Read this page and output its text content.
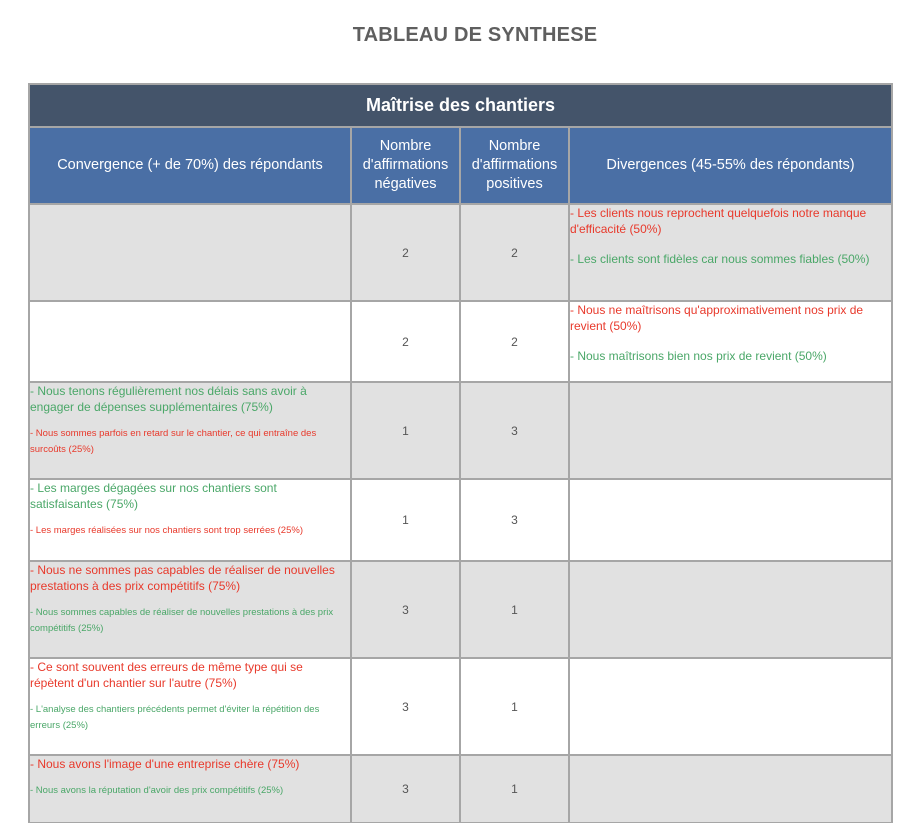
TABLEAU DE SYNTHESE
Maîtrise des chantiers			
Convergence (+ de 70%) des répondants	Nombre d'affirmations négatives	Nombre d'affirmations positives	Divergences (45-55% des répondants)
	2	2	- Les clients nous reprochent quelquefois notre manque d'efficacité (50%)
- Les clients sont fidèles car nous sommes fiables (50%)

	2	2	- Nous ne maîtrisons qu'approximativement nos prix de revient (50%)
- Nous maîtrisons bien nos prix de revient (50%)

- Nous tenons régulièrement nos délais sans avoir à engager de dépenses supplémentaires (75%)
- Nous sommes parfois en retard sur le chantier, ce qui entraîne des surcoûts (25%)	1	3	

- Les marges dégagées sur nos chantiers sont satisfaisantes (75%)
- Les marges réalisées sur nos chantiers sont trop serrées (25%)	1	3	

- Nous ne sommes pas capables de réaliser de nouvelles prestations à des prix compétitifs (75%)
- Nous sommes capables de réaliser de nouvelles prestations à des prix compétitifs (25%)	3	1	

- Ce sont souvent des erreurs de même type qui se répètent d'un chantier sur l'autre (75%)
- L'analyse des chantiers précédents permet d'éviter la répétition des erreurs (25%)	3	1	

- Nous avons l'image d'une entreprise chère (75%)
- Nous avons la réputation d'avoir des prix compétitifs (25%)	3	1	
